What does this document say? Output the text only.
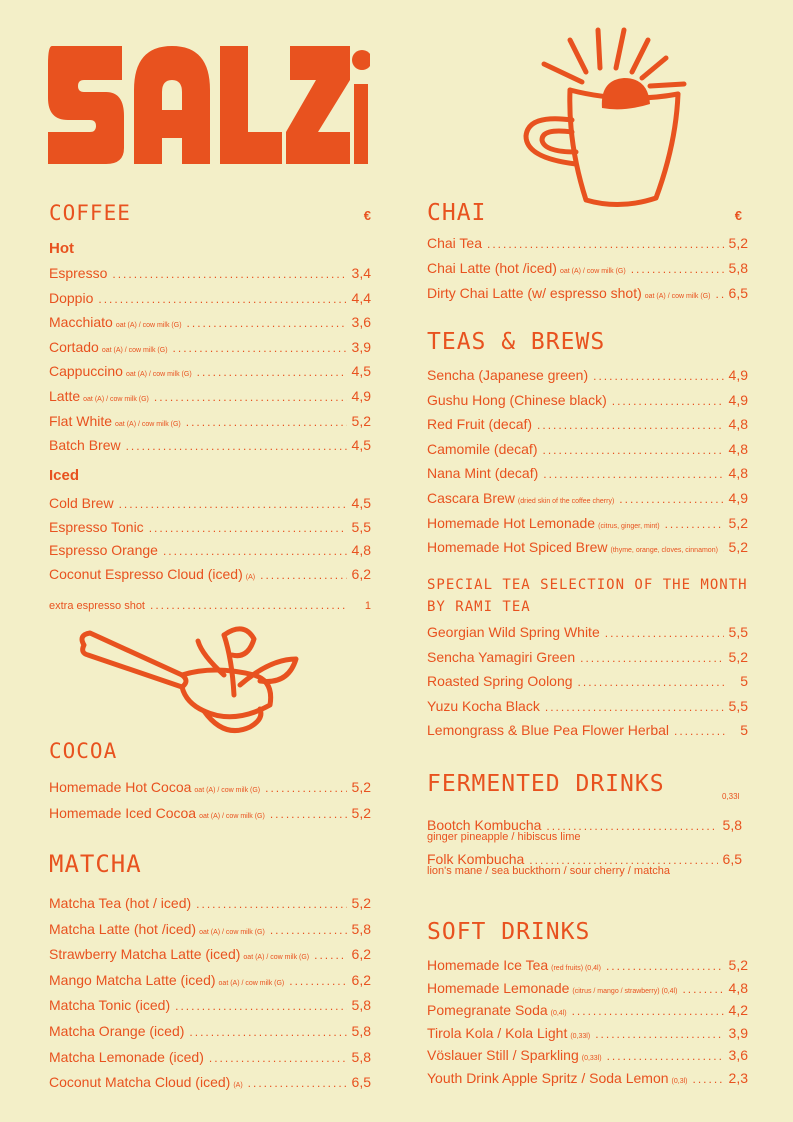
COFFEE	€
Hot
Espresso .....	3,4
Doppio .....	4,4
Macchiato oat (A) / cow milk (G) .....	3,6
Cortado oat (A) / cow milk (G) .....	3,9
Cappuccino oat (A) / cow milk (G) .....	4,5
Latte oat (A) / cow milk (G) .....	4,9
Flat White oat (A) / cow milk (G) .....	5,2
Batch Brew .....	4,5
Iced
Cold Brew .....	4,5
Espresso Tonic .....	5,5
Espresso Orange .....	4,8
Coconut Espresso Cloud (iced) (A) .....	6,2
extra espresso shot .....	1
COCOA
Homemade Hot Cocoa oat (A) / cow milk (G) .....	5,2
Homemade Iced Cocoa oat (A) / cow milk (G) .....	5,2
MATCHA
Matcha Tea (hot / iced) .....	5,2
Matcha Latte (hot /iced) oat (A) / cow milk (G) .....	5,8
Strawberry Matcha Latte (iced) oat (A) / cow milk (G) .....	6,2
Mango Matcha Latte (iced) oat (A) / cow milk (G) .....	6,2
Matcha Tonic (iced) .....	5,8
Matcha Orange (iced) .....	5,8
Matcha Lemonade (iced) .....	5,8
Coconut Matcha Cloud (iced) (A) .....	6,5
CHAI	€
Chai Tea .....	5,2
Chai Latte (hot /iced) oat (A) / cow milk (G) .....	5,8
Dirty Chai Latte (w/ espresso shot) oat (A) / cow milk (G) ..... 6,5
TEAS & BREWS
Sencha (Japanese green) .....	4,9
Gushu Hong (Chinese black) .....	4,9
Red Fruit (decaf) .....	4,8
Camomile (decaf) .....	4,8
Nana Mint (decaf) .....	4,8
Cascara Brew (dried skin of the coffee cherry) .....	4,9
Homemade Hot Lemonade (citrus, ginger, mint) .....	5,2
Homemade Hot Spiced Brew (thyme, orange, cloves, cinnamon) ..... 5,2
SPECIAL TEA SELECTION OF THE MONTH
BY RAMI TEA
Georgian Wild Spring White .....	5,5
Sencha Yamagiri Green .....	5,2
Roasted Spring Oolong .....	5
Yuzu Kocha Black .....	5,5
Lemongrass & Blue Pea Flower Herbal .....	5
FERMENTED DRINKS	0,33l
Bootch Kombucha .....	5,8
ginger pineapple / hibiscus lime
Folk Kombucha .....	6,5
lion's mane / sea buckthorn / sour cherry / matcha
SOFT DRINKS
Homemade Ice Tea (red fruits) (0,4l) .....	5,2
Homemade Lemonade (citrus / mango / strawberry) (0,4l) .....	4,8
Pomegranate Soda (0,4l) .....	4,2
Tirola Kola / Kola Light (0,33l) .....	3,9
Vöslauer Still / Sparkling (0,33l) .....	3,6
Youth Drink Apple Spritz / Soda Lemon (0,3l) .....	2,3
